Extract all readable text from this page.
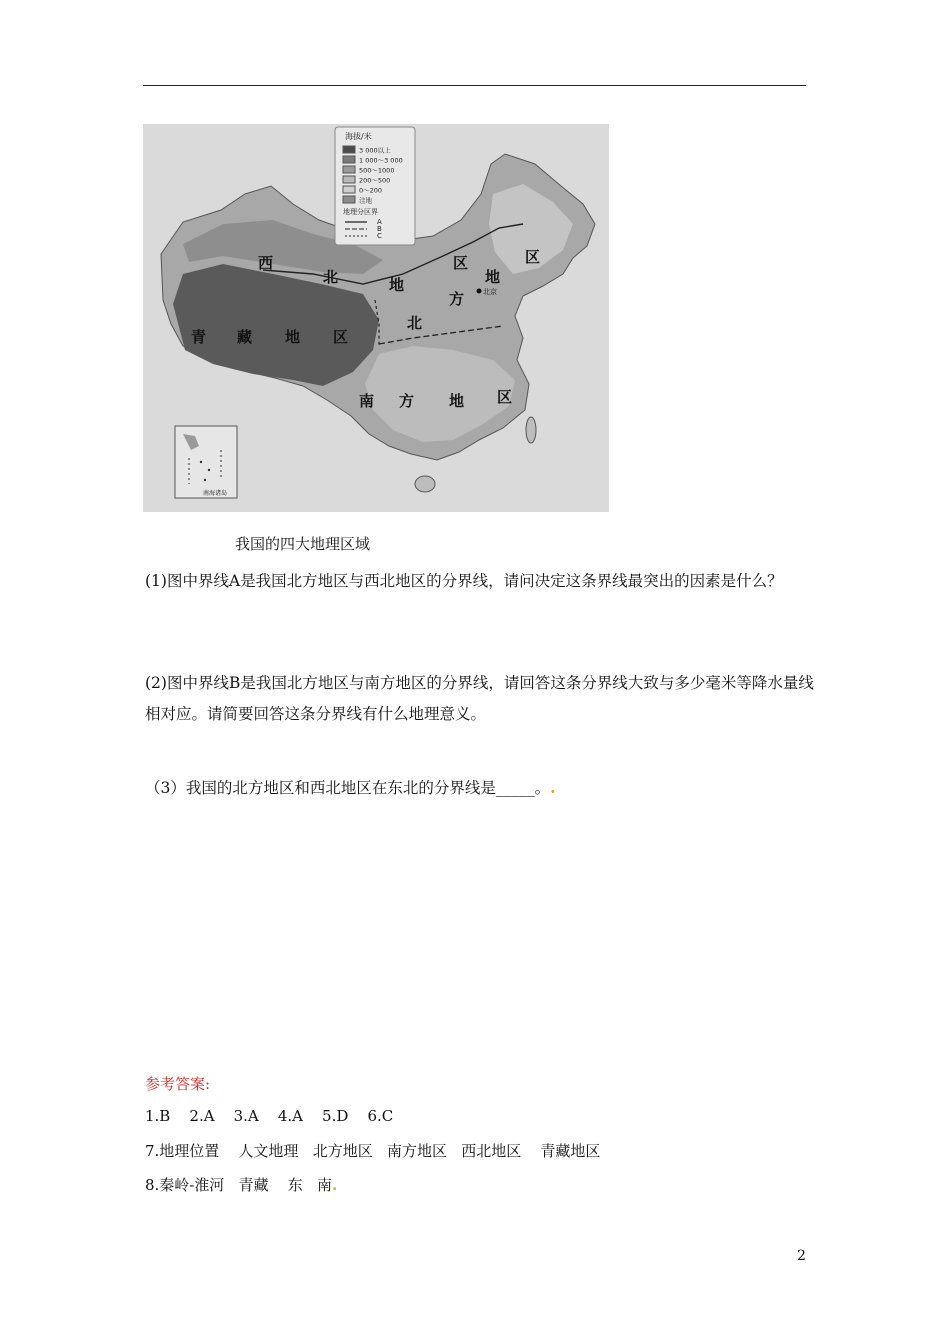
海拔/米
3 000以上
1 000～3 000
500～1000
200～500
0～200
洼地
地理分区界
A
B
C
西
北	地
区
北
方
地
区
青 藏 地 区
南 方 地 区
北京
南海诸岛
我国的四大地理区域
(1)图中界线A是我国北方地区与西北地区的分界线，请问决定这条界线最突出的因素是什么？
(2)图中界线B是我国北方地区与南方地区的分界线，请回答这条分界线大致与多少毫米等降水量线相对应。请简要回答这条分界线有什么地理意义。
（3）我国的北方地区和西北地区在东北的分界线是_____。.
参考答案:
1.B    2.A    3.A    4.A    5.D    6.C
7.地理位置    人文地理   北方地区   南方地区   西北地区    青藏地区
8.秦岭-淮河   青藏    东   南.
2
